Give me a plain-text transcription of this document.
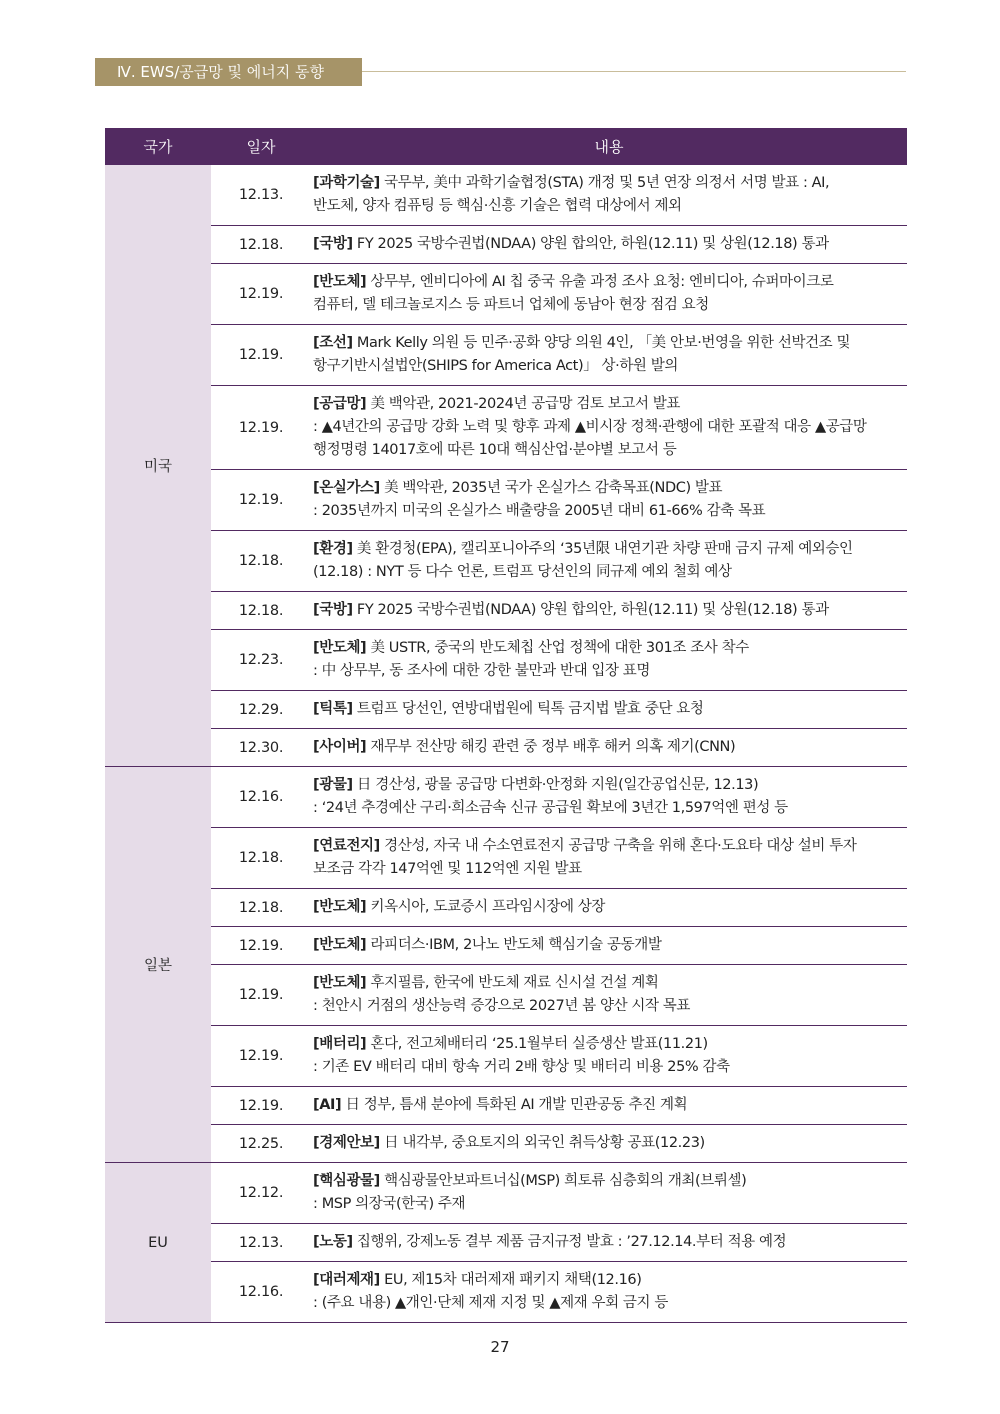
Ⅳ. EWS/공급망 및 에너지 동향
국가	일자	내용
미국	12.13.	[과학기술] 국무부, 美中 과학기술협정(STA) 개정 및 5년 연장 의정서 서명 발표 : AI,
반도체, 양자 컴퓨팅 등 핵심·신흥 기술은 협력 대상에서 제외

	12.18.	[국방] FY 2025 국방수권법(NDAA) 양원 합의안, 하원(12.11) 및 상원(12.18) 통과

	12.19.	[반도체] 상무부, 엔비디아에 AI 칩 중국 유출 과정 조사 요청: 엔비디아, 슈퍼마이크로
컴퓨터, 델 테크놀로지스 등 파트너 업체에 동남아 현장 점검 요청

	12.19.	[조선] Mark Kelly 의원 등 민주·공화 양당 의원 4인, 「美 안보·번영을 위한 선박건조 및
항구기반시설법안(SHIPS for America Act)」 상·하원 발의

	12.19.	[공급망] 美 백악관, 2021-2024년 공급망 검토 보고서 발표
: ▲4년간의 공급망 강화 노력 및 향후 과제 ▲비시장 정책·관행에 대한 포괄적 대응 ▲공급망
행정명령 14017호에 따른 10대 핵심산업·분야별 보고서 등

	12.19.	[온실가스] 美 백악관, 2035년 국가 온실가스 감축목표(NDC) 발표
: 2035년까지 미국의 온실가스 배출량을 2005년 대비 61-66% 감축 목표

	12.18.	[환경] 美 환경청(EPA), 캘리포니아주의 ‘35년限 내연기관 차량 판매 금지 규제 예외승인
(12.18) : NYT 등 다수 언론, 트럼프 당선인의 同규제 예외 철회 예상

	12.18.	[국방] FY 2025 국방수권법(NDAA) 양원 합의안, 하원(12.11) 및 상원(12.18) 통과

	12.23.	[반도체] 美 USTR, 중국의 반도체칩 산업 정책에 대한 301조 조사 착수
: 中 상무부, 동 조사에 대한 강한 불만과 반대 입장 표명

	12.29.	[틱톡] 트럼프 당선인, 연방대법원에 틱톡 금지법 발효 중단 요청

	12.30.	[사이버] 재무부 전산망 해킹 관련 중 정부 배후 해커 의혹 제기(CNN)

일본	12.16.	[광물] 日 경산성, 광물 공급망 다변화·안정화 지원(일간공업신문, 12.13)
: ‘24년 추경예산 구리·희소금속 신규 공급원 확보에 3년간 1,597억엔 편성 등

	12.18.	[연료전지] 경산성, 자국 내 수소연료전지 공급망 구축을 위해 혼다·도요타 대상 설비 투자
보조금 각각 147억엔 및 112억엔 지원 발표

	12.18.	[반도체] 키옥시아, 도쿄증시 프라임시장에 상장

	12.19.	[반도체] 라피더스·IBM, 2나노 반도체 핵심기술 공동개발

	12.19.	[반도체] 후지필름, 한국에 반도체 재료 신시설 건설 계획
: 천안시 거점의 생산능력 증강으로 2027년 봄 양산 시작 목표

	12.19.	[배터리] 혼다, 전고체배터리 ‘25.1월부터 실증생산 발표(11.21)
: 기존 EV 배터리 대비 항속 거리 2배 향상 및 배터리 비용 25% 감축

	12.19.	[AI] 日 정부, 틈새 분야에 특화된 AI 개발 민관공동 추진 계획

	12.25.	[경제안보] 日 내각부, 중요토지의 외국인 취득상황 공표(12.23)

EU	12.12.	[핵심광물] 핵심광물안보파트너십(MSP) 희토류 심층회의 개최(브뤼셀)
: MSP 의장국(한국) 주재

	12.13.	[노동] 집행위, 강제노동 결부 제품 금지규정 발효 : ’27.12.14.부터 적용 예정

	12.16.	[대러제재] EU, 제15차 대러제재 패키지 채택(12.16)
: (주요 내용) ▲개인·단체 제재 지정 및 ▲제재 우회 금지 등
27
